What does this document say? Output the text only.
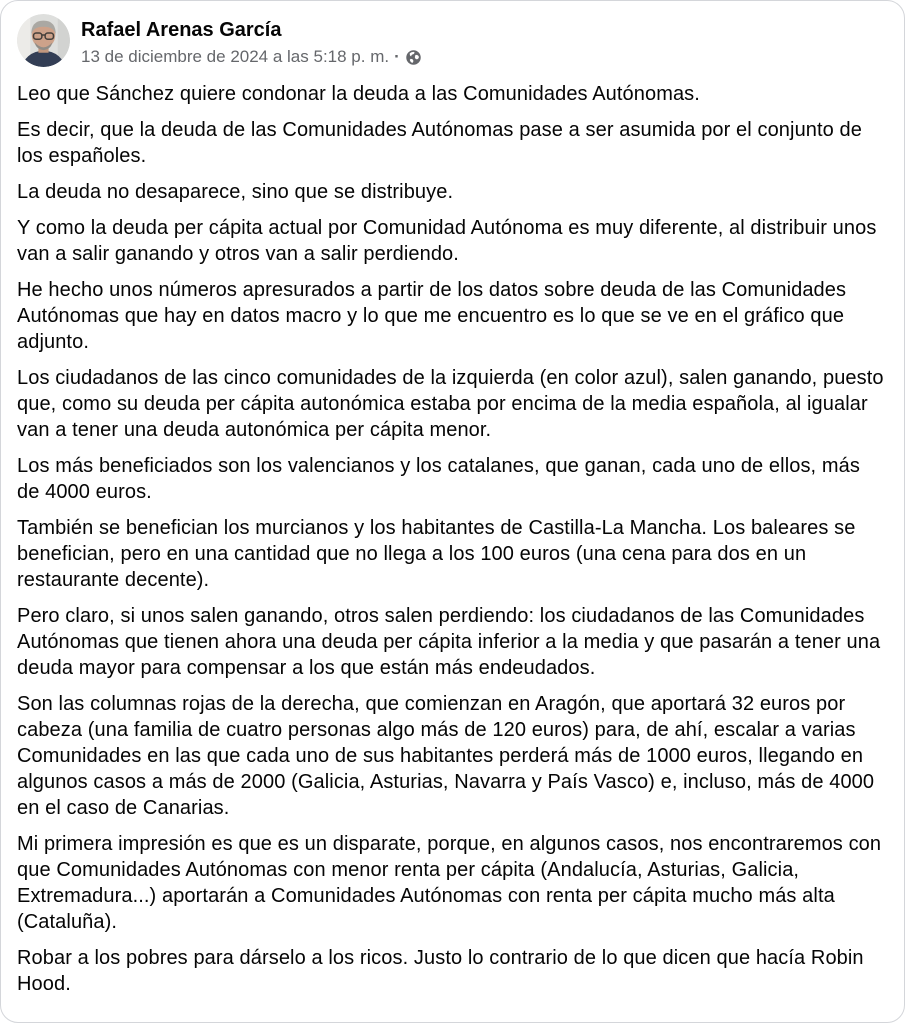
Rafael Arenas García
13 de diciembre de 2024 a las 5:18 p. m. ·

Leo que Sánchez quiere condonar la deuda a las Comunidades Autónomas.

Es decir, que la deuda de las Comunidades Autónomas pase a ser asumida por el conjunto de los españoles.

La deuda no desaparece, sino que se distribuye.

Y como la deuda per cápita actual por Comunidad Autónoma es muy diferente, al distribuir unos van a salir ganando y otros van a salir perdiendo.

He hecho unos números apresurados a partir de los datos sobre deuda de las Comunidades Autónomas que hay en datos macro y lo que me encuentro es lo que se ve en el gráfico que adjunto.

Los ciudadanos de las cinco comunidades de la izquierda (en color azul), salen ganando, puesto que, como su deuda per cápita autonómica estaba por encima de la media española, al igualar van a tener una deuda autonómica per cápita menor.

Los más beneficiados son los valencianos y los catalanes, que ganan, cada uno de ellos, más de 4000 euros.

También se benefician los murcianos y los habitantes de Castilla-La Mancha. Los baleares se benefician, pero en una cantidad que no llega a los 100 euros (una cena para dos en un restaurante decente).

Pero claro, si unos salen ganando, otros salen perdiendo: los ciudadanos de las Comunidades Autónomas que tienen ahora una deuda per cápita inferior a la media y que pasarán a tener una deuda mayor para compensar a los que están más endeudados.

Son las columnas rojas de la derecha, que comienzan en Aragón, que aportará 32 euros por cabeza (una familia de cuatro personas algo más de 120 euros) para, de ahí, escalar a varias Comunidades en las que cada uno de sus habitantes perderá más de 1000 euros, llegando en algunos casos a más de 2000 (Galicia, Asturias, Navarra y País Vasco) e, incluso, más de 4000 en el caso de Canarias.

Mi primera impresión es que es un disparate, porque, en algunos casos, nos encontraremos con que Comunidades Autónomas con menor renta per cápita (Andalucía, Asturias, Galicia, Extremadura...) aportarán a Comunidades Autónomas con renta per cápita mucho más alta (Cataluña).

Robar a los pobres para dárselo a los ricos. Justo lo contrario de lo que dicen que hacía Robin Hood.
